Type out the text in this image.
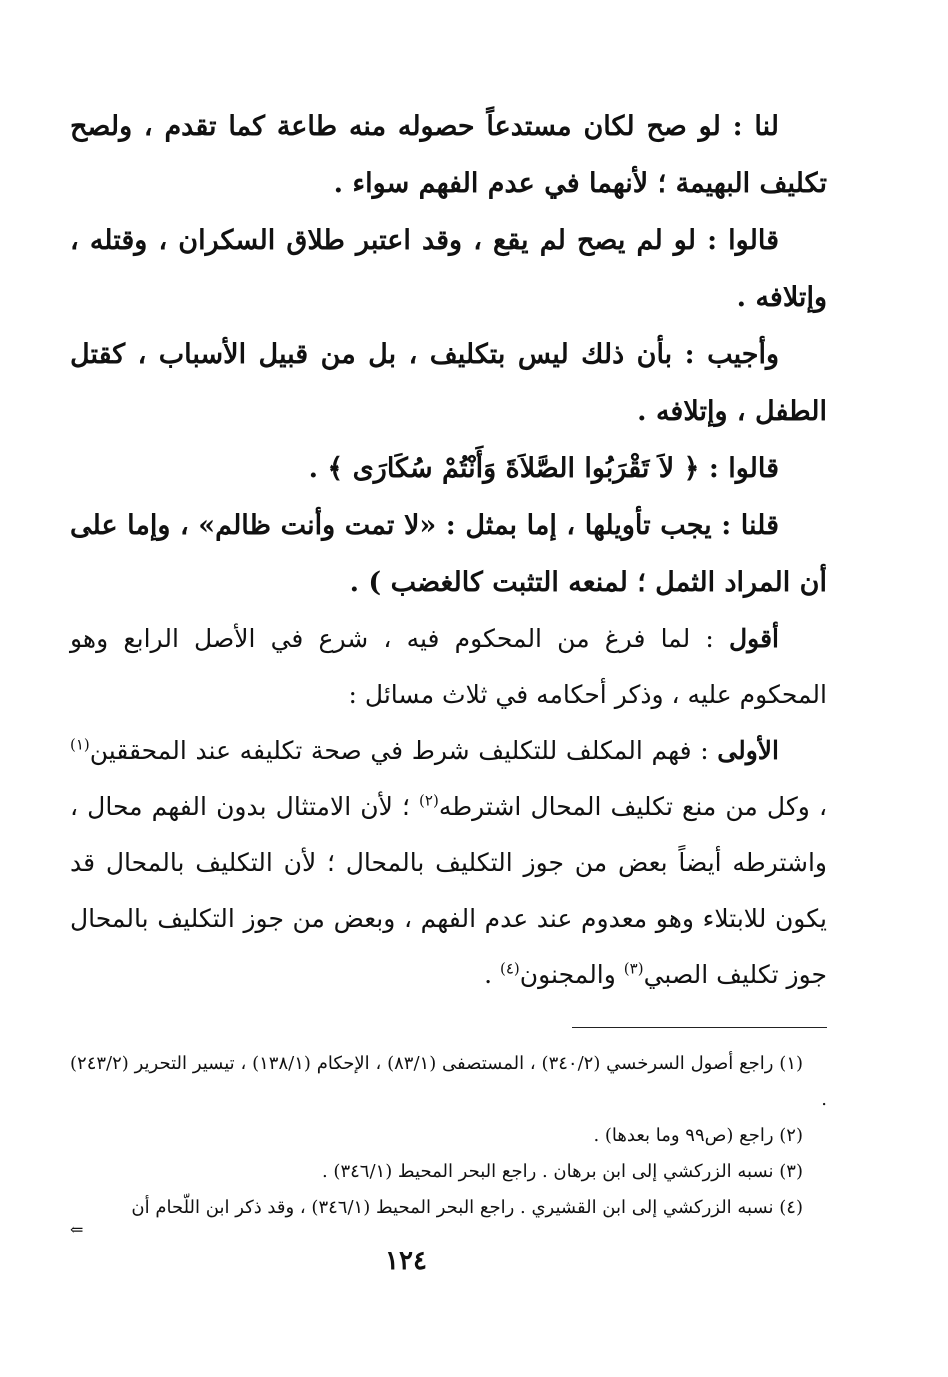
لنا : لو صح لكان مستدعاً حصوله منه طاعة كما تقدم ، ولصح تكليف البهيمة ؛ لأنهما في عدم الفهم سواء .

قالوا : لو لم يصح لم يقع ، وقد اعتبر طلاق السكران ، وقتله ، وإتلافه .

وأجيب : بأن ذلك ليس بتكليف ، بل من قبيل الأسباب ، كقتل الطفل ، وإتلافه .

قالوا : ﴿ لاَ تَقْرَبُوا الصَّلاَةَ وَأَنْتُمْ سُكَارَى ﴾ .

قلنا : يجب تأويلها ، إما بمثل : «لا تمت وأنت ظالم» ، وإما على أن المراد الثمل ؛ لمنعه التثبت كالغضب ) .

أقول : لما فرغ من المحكوم فيه ، شرع في الأصل الرابع وهو المحكوم عليه ، وذكر أحكامه في ثلاث مسائل :

الأولى : فهم المكلف للتكليف شرط في صحة تكليفه عند المحققين$^{(١)}$ ، وكل من منع تكليف المحال اشترطه$^{(٢)}$ ؛ لأن الامتثال بدون الفهم محال ، واشترطه أيضاً بعض من جوز التكليف بالمحال ؛ لأن التكليف بالمحال قد يكون للابتلاء وهو معدوم عند عدم الفهم ، وبعض من جوز التكليف بالمحال جوز تكليف الصبي$^{(٣)}$ والمجنون$^{(٤)}$ .

(١) راجع أصول السرخسي (٣٤٠/٢) ، المستصفى (٨٣/١) ، الإحكام (١٣٨/١) ، تيسير التحرير (٢٤٣/٢) .

(٢) راجع (ص٩٩ وما بعدها) .

(٣) نسبه الزركشي إلى ابن برهان . راجع البحر المحيط (٣٤٦/١) .

(٤) نسبه الزركشي إلى ابن القشيري . راجع البحر المحيط (٣٤٦/١) ، وقد ذكر ابن اللّحام أن

⇐
١٢٤
